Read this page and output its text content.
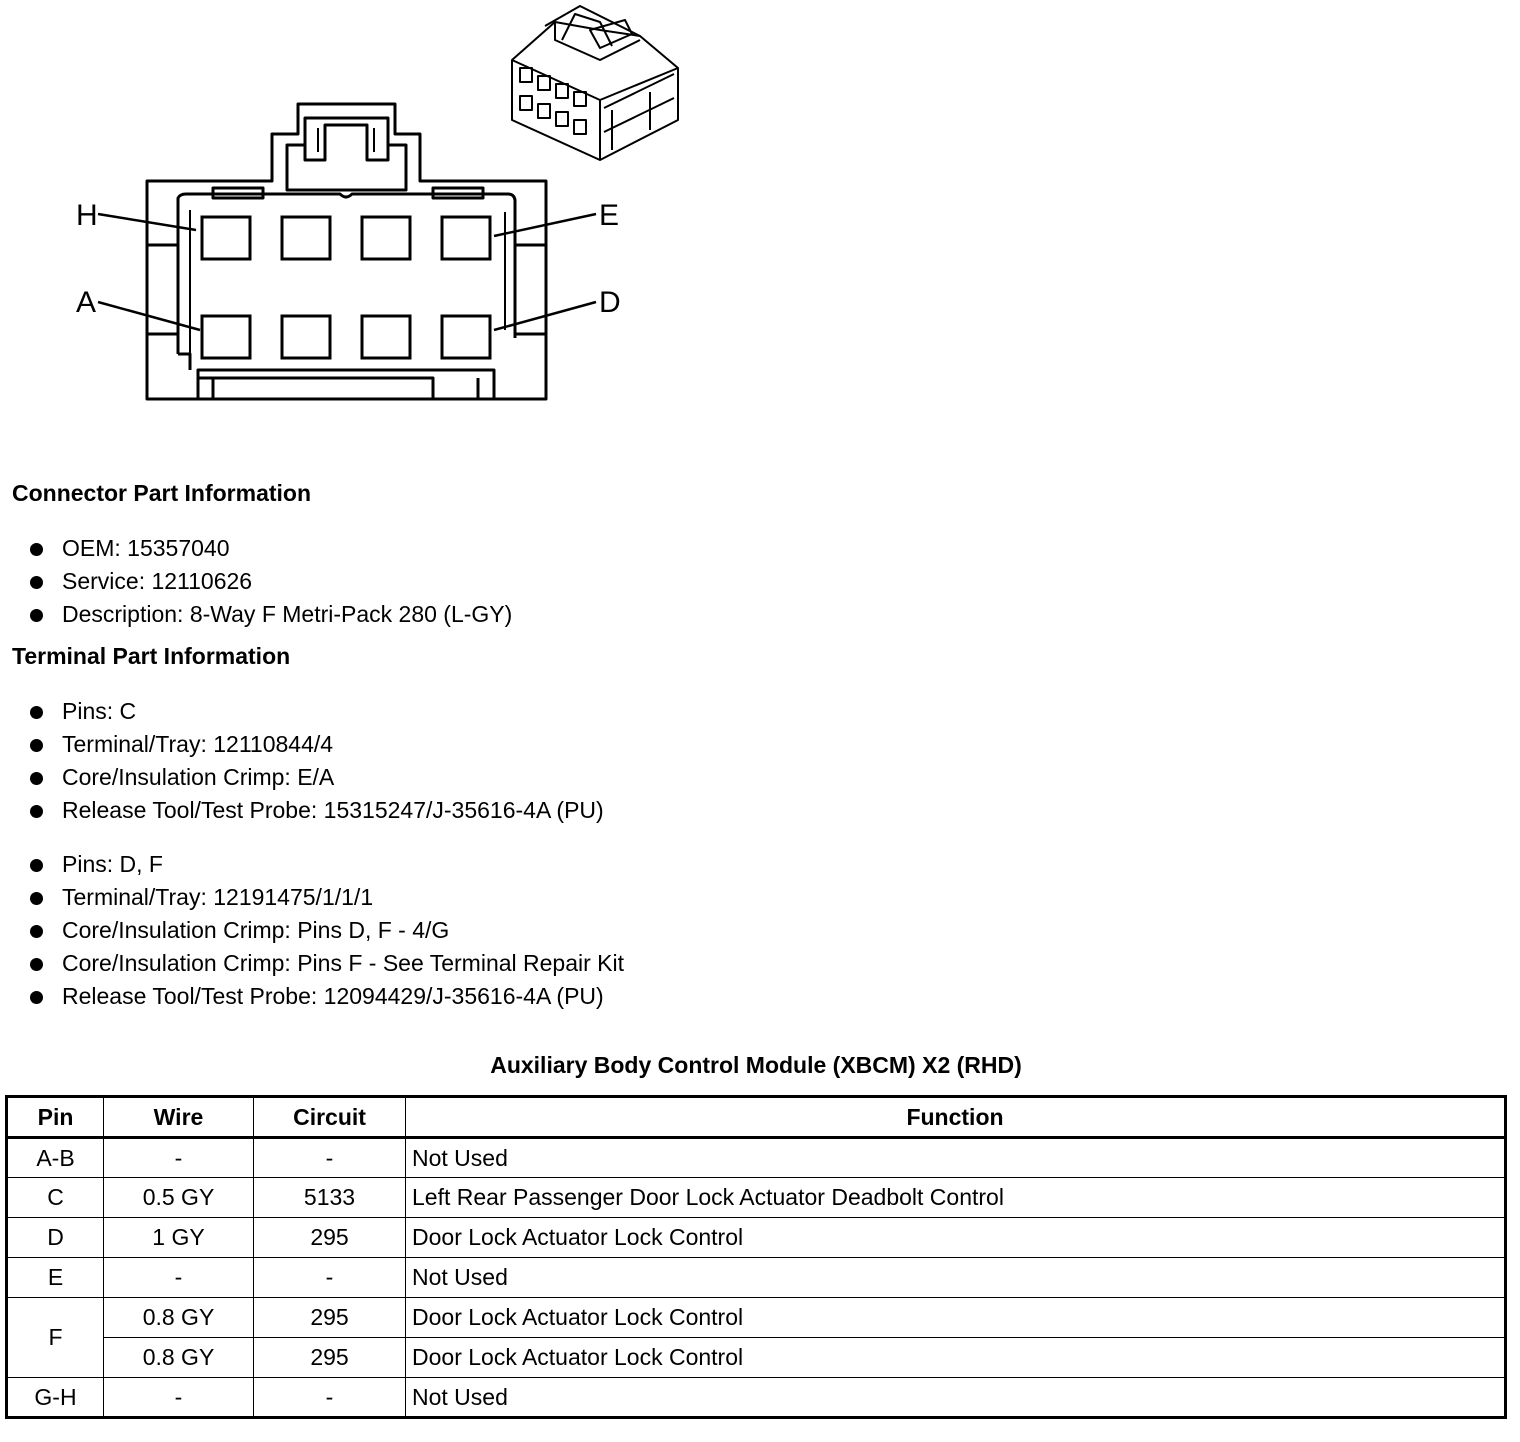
H	E
A	D
Connector Part Information
OEM: 15357040
Service: 12110626
Description: 8-Way F Metri-Pack 280 (L-GY)
Terminal Part Information
Pins: C
Terminal/Tray: 12110844/4
Core/Insulation Crimp: E/A
Release Tool/Test Probe: 15315247/J-35616-4A (PU)
Pins: D, F
Terminal/Tray: 12191475/1/1/1
Core/Insulation Crimp: Pins D, F - 4/G
Core/Insulation Crimp: Pins F - See Terminal Repair Kit
Release Tool/Test Probe: 12094429/J-35616-4A (PU)
Auxiliary Body Control Module (XBCM) X2 (RHD)
Pin	Wire	Circuit	Function
A-B	-	-	Not Used
C	0.5 GY	5133	Left Rear Passenger Door Lock Actuator Deadbolt Control
D	1 GY	295	Door Lock Actuator Lock Control
E	-	-	Not Used
F	0.8 GY	295	Door Lock Actuator Lock Control
	0.8 GY	295	Door Lock Actuator Lock Control
G-H	-	-	Not Used
